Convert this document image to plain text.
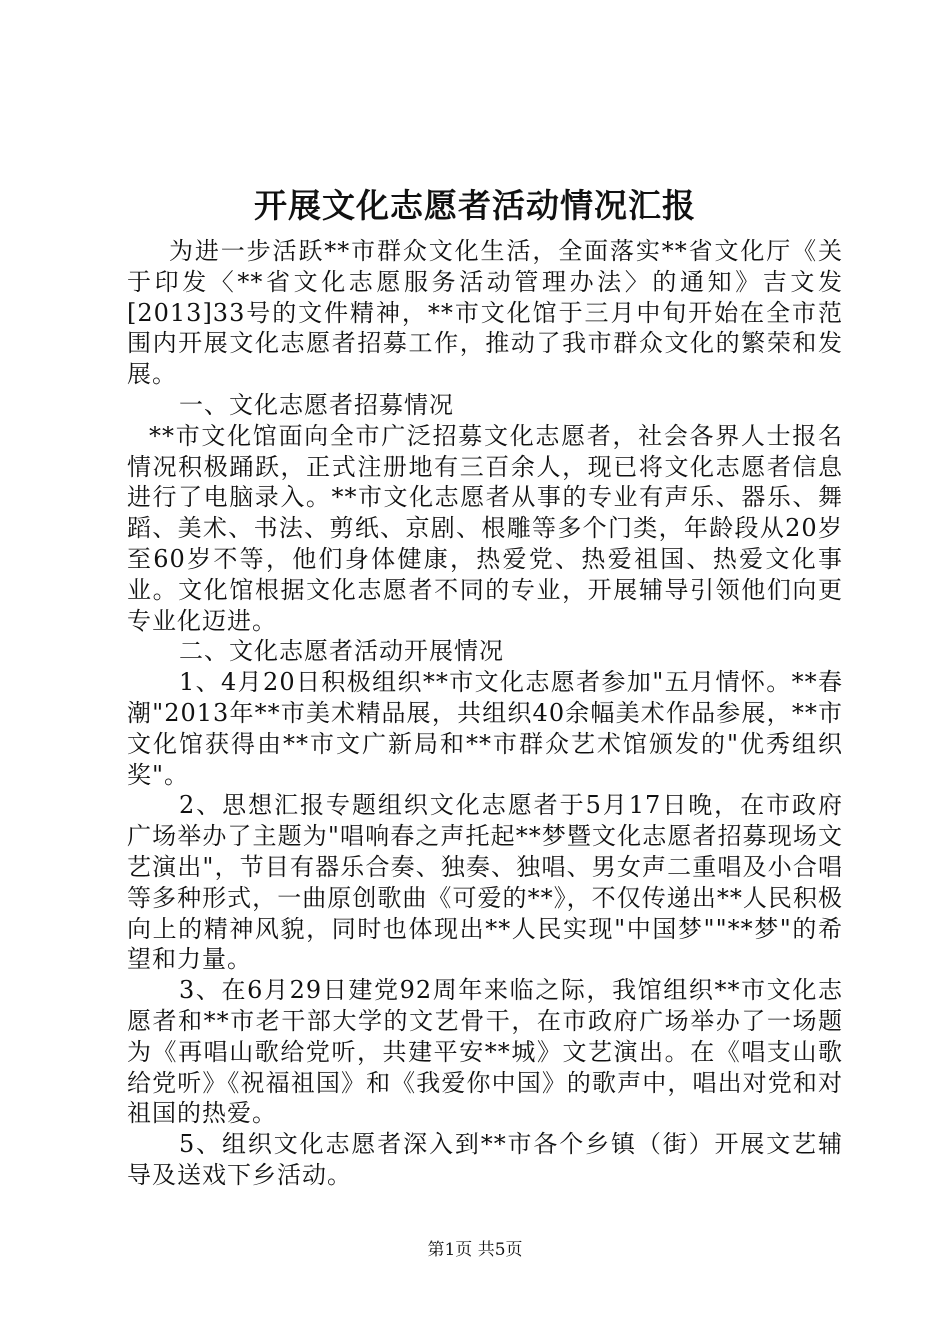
开展文化志愿者活动情况汇报

为进一步活跃**市群众文化生活，全面落实**省文化厅《关于印发〈**省文化志愿服务活动管理办法〉的通知》吉文发[2013]33号的文件精神，**市文化馆于三月中旬开始在全市范围内开展文化志愿者招募工作，推动了我市群众文化的繁荣和发展。

一、文化志愿者招募情况

**市文化馆面向全市广泛招募文化志愿者，社会各界人士报名情况积极踊跃，正式注册地有三百余人，现已将文化志愿者信息进行了电脑录入。**市文化志愿者从事的专业有声乐、器乐、舞蹈、美术、书法、剪纸、京剧、根雕等多个门类，年龄段从20岁至60岁不等，他们身体健康，热爱党、热爱祖国、热爱文化事业。文化馆根据文化志愿者不同的专业，开展辅导引领他们向更专业化迈进。

二、文化志愿者活动开展情况

1、4月20日积极组织**市文化志愿者参加"五月情怀。**春潮"2013年**市美术精品展，共组织40余幅美术作品参展，**市文化馆获得由**市文广新局和**市群众艺术馆颁发的"优秀组织奖"。

2、思想汇报专题组织文化志愿者于5月17日晚，在市政府广场举办了主题为"唱响春之声托起**梦暨文化志愿者招募现场文艺演出"，节目有器乐合奏、独奏、独唱、男女声二重唱及小合唱等多种形式，一曲原创歌曲《可爱的**》，不仅传递出**人民积极向上的精神风貌，同时也体现出**人民实现"中国梦""**梦"的希望和力量。

3、在6月29日建党92周年来临之际，我馆组织**市文化志愿者和**市老干部大学的文艺骨干，在市政府广场举办了一场题为《再唱山歌给党听，共建平安**城》文艺演出。在《唱支山歌给党听》《祝福祖国》和《我爱你中国》的歌声中，唱出对党和对祖国的热爱。

5、组织文化志愿者深入到**市各个乡镇（街）开展文艺辅导及送戏下乡活动。

第1页 共5页
